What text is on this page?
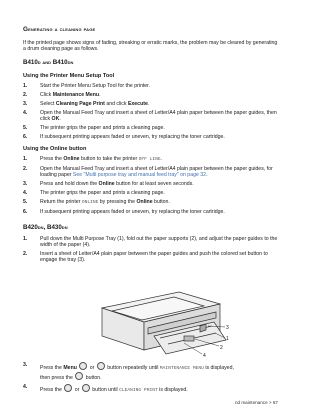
Generating a cleaning page

If the printed page shows signs of fading, streaking or erratic marks, the problem may be cleared by generating a drum cleaning page as follows.

B410d and B410dn
Using the Printer Menu Setup Tool
1. Start the Printer Menu Setup Tool for the printer.
2. Click Maintenance Menu.
3. Select Cleaning Page Print and click Execute.
4. Open the Manual Feed Tray and insert a sheet of Letter/A4 plain paper between the paper guides, then click OK.
5. The printer grips the paper and prints a cleaning page.
6. If subsequent printing appears faded or uneven, try replacing the toner cartridge.
Using the Online button
1. Press the Online button to take the printer OFF LINE.
2. Open the Manual Feed Tray and insert a sheet of Letter/A4 plain paper between the paper guides, for loading paper See "Multi purpose tray and manual feed tray" on page 32.
3. Press and hold down the Online button for at least seven seconds.
4. The printer grips the paper and prints a cleaning page.
5. Return the printer ONLINE by pressing the Online button.
6. If subsequent printing appears faded or uneven, try replacing the toner cartridge.
B420dn, B430dn
1. Pull down the Multi Purpose Tray (1), fold out the paper supports (2), and adjust the paper guides to the width of the paper (4).
2. Insert a sheet of Letter/A4 plain paper between the paper guides and push the colored set button to engage the tray (3).
1
3
2
4
3. Press the Menu  or  button repeatedly until MAINTENANCE MENU is displayed,
then press the  button.
4. Press the  or  button until CLEANING PRINT is displayed.
nd maintenance > 67
